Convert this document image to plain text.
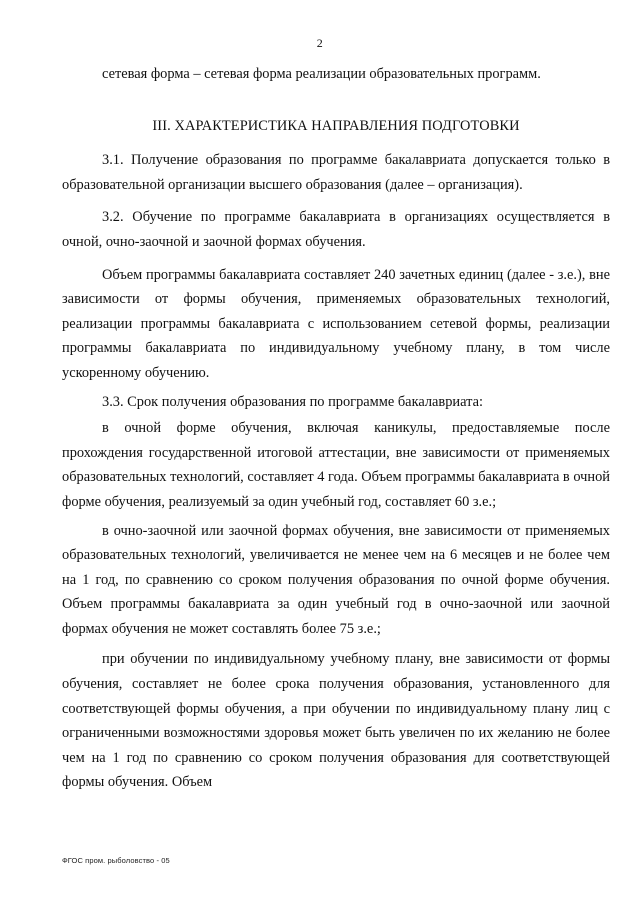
2

сетевая форма – сетевая форма реализации образовательных программ.

III. ХАРАКТЕРИСТИКА НАПРАВЛЕНИЯ ПОДГОТОВКИ

3.1. Получение образования по программе бакалавриата допускается только в образовательной организации высшего образования (далее – организация).

3.2. Обучение по программе бакалавриата в организациях осуществляется в очной, очно-заочной и заочной формах обучения.

Объем программы бакалавриата составляет 240 зачетных единиц (далее - з.е.), вне зависимости от формы обучения, применяемых образовательных технологий, реализации программы бакалавриата с использованием сетевой формы, реализации программы бакалавриата по индивидуальному учебному плану, в том числе ускоренному обучению.

3.3. Срок получения образования по программе бакалавриата:

в очной форме обучения, включая каникулы, предоставляемые после прохождения государственной итоговой аттестации, вне зависимости от применяемых образовательных технологий, составляет 4 года. Объем программы бакалавриата в очной форме обучения, реализуемый за один учебный год, составляет 60 з.е.;

в очно-заочной или заочной формах обучения, вне зависимости от применяемых образовательных технологий, увеличивается не менее чем на 6 месяцев и не более чем на 1 год, по сравнению со сроком получения образования по очной форме обучения. Объем программы бакалавриата за один учебный год в очно-заочной или заочной формах обучения не может составлять более 75 з.е.;

при обучении по индивидуальному учебному плану, вне зависимости от формы обучения, составляет не более срока получения образования, установленного для соответствующей формы обучения, а при обучении по индивидуальному плану лиц с ограниченными возможностями здоровья может быть увеличен по их желанию не более чем на 1 год по сравнению со сроком получения образования для соответствующей формы обучения. Объем

ФГОС пром. рыболовство - 05
